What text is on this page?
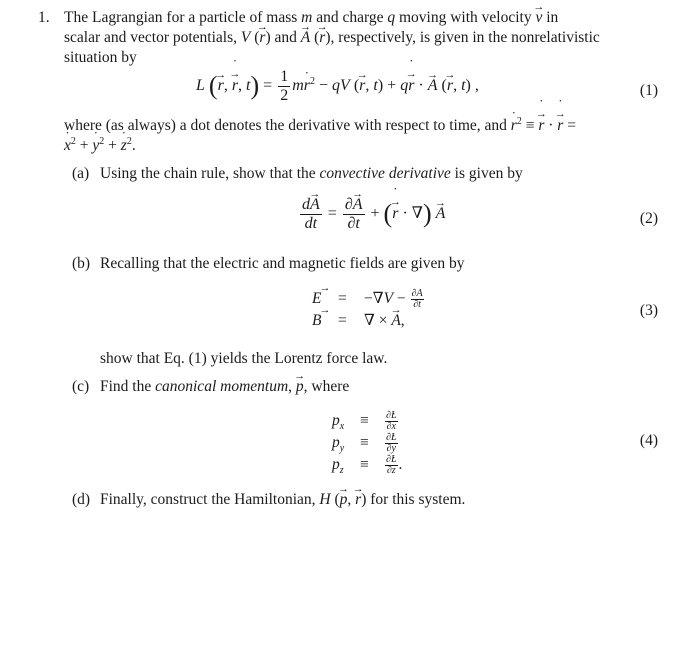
1. The Lagrangian for a particle of mass m and charge q moving with velocity v → in
scalar and vector potentials, V (r →) and A → (r →), respectively, is given in the nonrelativistic
situation by
L (r →, ˙ r →, $t) = \frac{1}{2}$ m˙ $r^2$ − qV (r →, t) + q˙ r → · A → (r →, t) ,	(1)
where (as always) a dot denotes the derivative with respect to time, and ˙ $r^2$ ≡ ˙ r → · ˙ r → =
˙ $x^2$ + ˙ $y^2$ + ˙ $z^2$.
(a) Using the chain rule, show that the convective derivative is given by
$\frac{dA \to}{dt} = \frac{\partial A \to}{\partial t}$ + (˙ r → · ∇) A →	(2)
(b) Recalling that the electric and magnetic fields are given by
E → = $-\nabla V - \frac{\partial A}{\partial t}$
B → = ∇ × A →,
(3)
show that Eq. (1) yields the Lorentz force law.
(c) Find the canonical momentum, p →, where
$p_x \equiv \frac{\partial L}{\partial˙ x}$
$p_y \equiv \frac{\partial L}{\partial˙ y}$
$p_z \equiv \frac{\partial L}{\partial˙ z}$ .
(4)
(d) Finally, construct the Hamiltonian, H (p →, r →) for this system.
